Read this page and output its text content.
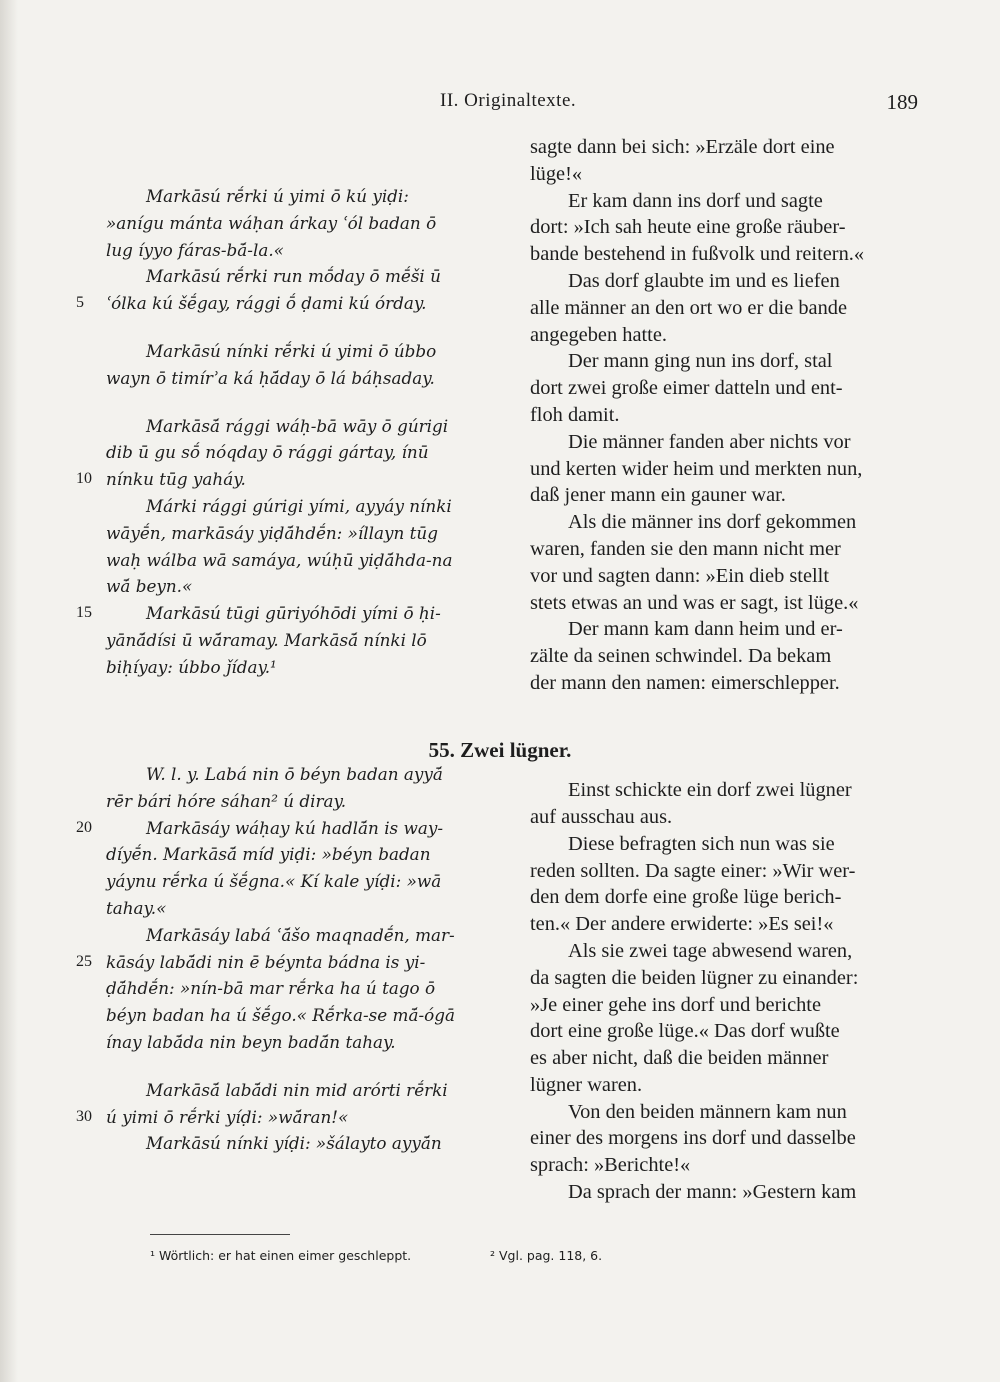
II. Originaltexte.	189
Markāsú rḗrki ú yimi ō kú yiḍi:
»anígu mánta wáḥan árkay ʿól badan ō
lug íyyo fáras-bā́-la.«
Markāsú rḗrki run mṓday ō mḗši ū
5 ʿólka kú šḗgay, rággi ṓ ḍami kú órday.
Markāsú nínki rḗrki ú yimi ō úbbo
wayn ō timírʾa ká ḥā́day ō lá báḥsaday.
Markāsā́ rággi wáḥ-bā wāy ō gúrigi
dib ū gu sṓ nóqday ō rággi gártay, ínū
10 nínku tūg yaháy.
Márki rággi gúrigi yími, ayyáy nínki
wāyḗn, markāsáy yiḍā́hdḗn: »íllayn tūg
waḥ wálba wā samáya, wúḥū yiḍā́hda-na
wā́ beyn.«
15	Markāsú tūgi gūriyóhōdi yími ō ḥi-
yānā́dísi ū wā́ramay. Markāsā́ nínki lō
biḥíyay: úbbo ǰíday.¹
W. l. y. Labá nin ō béyn badan ayyā́
rēr bári hóre sáhan² ú diray.
20	Markāsáy wáḥay kú hadlā́n is way-
díyḗn. Markāsā́ míd yiḍi: »béyn badan
yáynu rḗrka ú šḗgna.« Kí kale yíḍi: »wā
tahay.«
Markāsáy labá ʿā́šo maqnadḗn, mar-
25 kāsáy labā́di nin ē béynta bádna is yi-
ḍā́hdḗn: »nín-bā mar rḗrka ha ú tago ō
béyn badan ha ú šḗgo.« Rḗrka-se mā́-ógā
ínay labā́da nin beyn badā́n tahay.
Markāsā́ labā́di nin mid arórti rḗrki
30 ú yimi ō rḗrki yíḍi: »wā́ran!«
Markāsú nínki yíḍi: »šálayto ayyā́n
sagte dann bei sich: »Erzäle dort eine
lüge!«
Er kam dann ins dorf und sagte
dort: »Ich sah heute eine große räuber-
bande bestehend in fußvolk und reitern.«
Das dorf glaubte im und es liefen
alle männer an den ort wo er die bande
angegeben hatte.
Der mann ging nun ins dorf, stal
dort zwei große eimer datteln und ent-
floh damit.
Die männer fanden aber nichts vor
und kerten wider heim und merkten nun,
daß jener mann ein gauner war.
Als die männer ins dorf gekommen
waren, fanden sie den mann nicht mer
vor und sagten dann: »Ein dieb stellt
stets etwas an und was er sagt, ist lüge.«
Der mann kam dann heim und er-
zälte da seinen schwindel. Da bekam
der mann den namen: eimerschlepper.
Einst schickte ein dorf zwei lügner
auf ausschau aus.
Diese befragten sich nun was sie
reden sollten. Da sagte einer: »Wir wer-
den dem dorfe eine große lüge berich-
ten.« Der andere erwiderte: »Es sei!«
Als sie zwei tage abwesend waren,
da sagten die beiden lügner zu einander:
»Je einer gehe ins dorf und berichte
dort eine große lüge.« Das dorf wußte
es aber nicht, daß die beiden männer
lügner waren.
Von den beiden männern kam nun
einer des morgens ins dorf und dasselbe
sprach: »Berichte!«
Da sprach der mann: »Gestern kam
55. Zwei lügner.
¹ Wörtlich: er hat einen eimer geschleppt.	² Vgl. pag. 118, 6.
